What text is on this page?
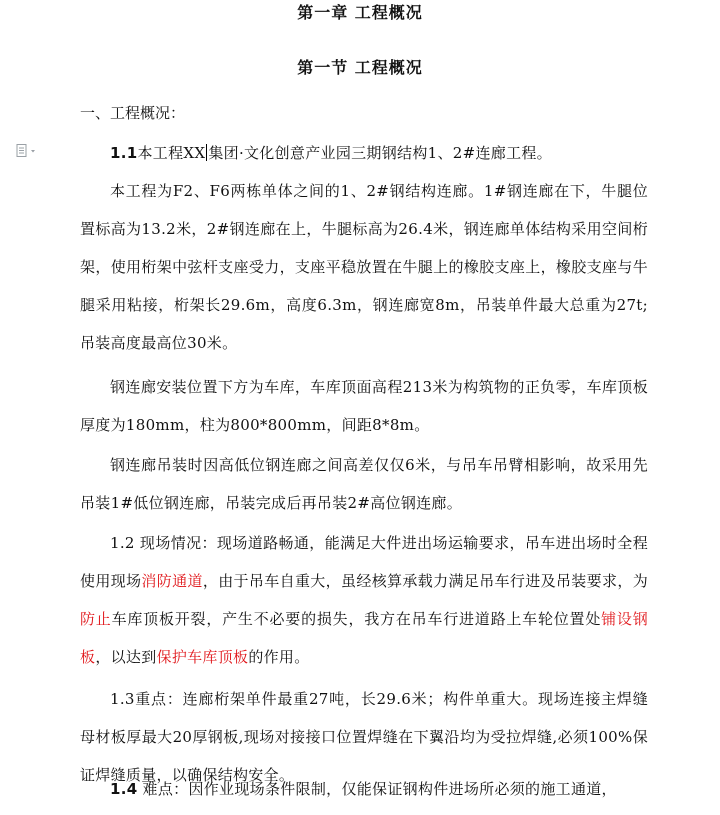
第一章 工程概况
第一节 工程概况
一、工程概况：
1.1本工程XX 集团·文化创意产业园三期钢结构1、2#连廊工程。
本工程为F2、F6两栋单体之间的1、2#钢结构连廊。1#钢连廊在下，牛腿位置标高为13.2米，2#钢连廊在上，牛腿标高为26.4米，钢连廊单体结构采用空间桁架，使用桁架中弦杆支座受力，支座平稳放置在牛腿上的橡胶支座上，橡胶支座与牛腿采用粘接，桁架长29.6m，高度6.3m，钢连廊宽8m，吊装单件最大总重为27t;吊装高度最高位30米。
钢连廊安装位置下方为车库，车库顶面高程213米为构筑物的正负零，车库顶板厚度为180mm，柱为800*800mm，间距8*8m。
钢连廊吊装时因高低位钢连廊之间高差仅仅6米，与吊车吊臂相影响，故采用先吊装1#低位钢连廊，吊装完成后再吊装2#高位钢连廊。
1.2 现场情况：现场道路畅通，能满足大件进出场运输要求，吊车进出场时全程使用现场消防通道，由于吊车自重大，虽经核算承载力满足吊车行进及吊装要求，为防止车库顶板开裂，产生不必要的损失，我方在吊车行进道路上车轮位置处铺设钢板，以达到保护车库顶板的作用。
1.3重点：连廊桁架单件最重27吨，长29.6米；构件单重大。现场连接主焊缝母材板厚最大20厚钢板,现场对接接口位置焊缝在下翼沿均为受拉焊缝,必须100%保证焊缝质量，以确保结构安全。
1.4 难点：因作业现场条件限制，仅能保证钢构件进场所必须的施工通道，
